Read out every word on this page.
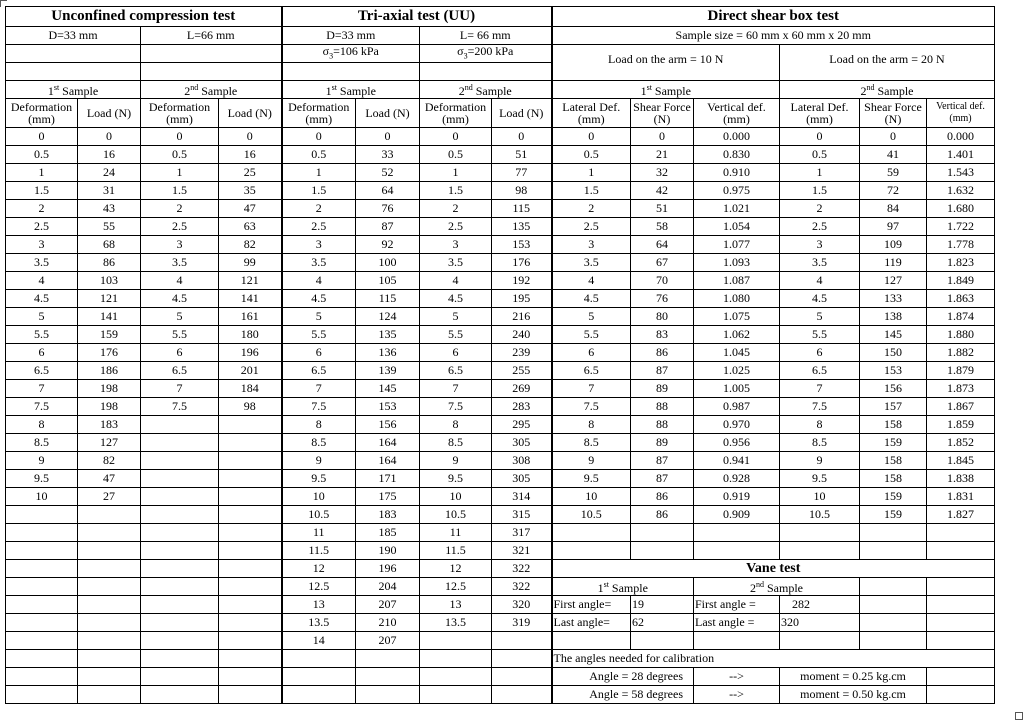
Unconfined compression test				Tri-axial test (UU)				Direct shear box test					
D=33 mm		L=66 mm		D=33 mm		L= 66 mm		Sample size = 60 mm x 60 mm x 20 mm					
				$\sigma_3=106$ kPa		$\sigma_3=200$ kPa		Load on the arm = 10 N			Load on the arm = 20 N		

1st Sample		2nd Sample		1st Sample		2nd Sample		1st Sample			2nd Sample		
Deformation (mm)	Load (N)	Deformation (mm)	Load (N)	Deformation (mm)	Load (N)	Deformation (mm)	Load (N)	Lateral Def. (mm)	Shear Force (N)	Vertical def. (mm)	Lateral Def. (mm)	Shear Force (N)	Vertical def. (mm)
0	0	0	0	0	0	0	0	0	0	0.000	0	0	0.000
0.5	16	0.5	16	0.5	33	0.5	51	0.5	21	0.830	0.5	41	1.401
1	24	1	25	1	52	1	77	1	32	0.910	1	59	1.543
1.5	31	1.5	35	1.5	64	1.5	98	1.5	42	0.975	1.5	72	1.632
2	43	2	47	2	76	2	115	2	51	1.021	2	84	1.680
2.5	55	2.5	63	2.5	87	2.5	135	2.5	58	1.054	2.5	97	1.722
3	68	3	82	3	92	3	153	3	64	1.077	3	109	1.778
3.5	86	3.5	99	3.5	100	3.5	176	3.5	67	1.093	3.5	119	1.823
4	103	4	121	4	105	4	192	4	70	1.087	4	127	1.849
4.5	121	4.5	141	4.5	115	4.5	195	4.5	76	1.080	4.5	133	1.863
5	141	5	161	5	124	5	216	5	80	1.075	5	138	1.874
5.5	159	5.5	180	5.5	135	5.5	240	5.5	83	1.062	5.5	145	1.880
6	176	6	196	6	136	6	239	6	86	1.045	6	150	1.882
6.5	186	6.5	201	6.5	139	6.5	255	6.5	87	1.025	6.5	153	1.879
7	198	7	184	7	145	7	269	7	89	1.005	7	156	1.873
7.5	198	7.5	98	7.5	153	7.5	283	7.5	88	0.987	7.5	157	1.867
8	183			8	156	8	295	8	88	0.970	8	158	1.859
8.5	127			8.5	164	8.5	305	8.5	89	0.956	8.5	159	1.852
9	82			9	164	9	308	9	87	0.941	9	158	1.845
9.5	47			9.5	171	9.5	305	9.5	87	0.928	9.5	158	1.838
10	27			10	175	10	314	10	86	0.919	10	159	1.831
				10.5	183	10.5	315	10.5	86	0.909	10.5	159	1.827
				11	185	11	317						
				11.5	190	11.5	321						
				12	196	12	322	Vane test					
				12.5	204	12.5	322	1st Sample		2nd Sample			
				13	207	13	320	First angle=	19	First angle =	282		
				13.5	210	13.5	319	Last angle=	62	Last angle =	320		
				14	207								
								The angles needed for calibration					
								Angle = 28 degrees		-->	moment = 0.25 kg.cm		
								Angle = 58 degrees		-->	moment = 0.50 kg.cm		
